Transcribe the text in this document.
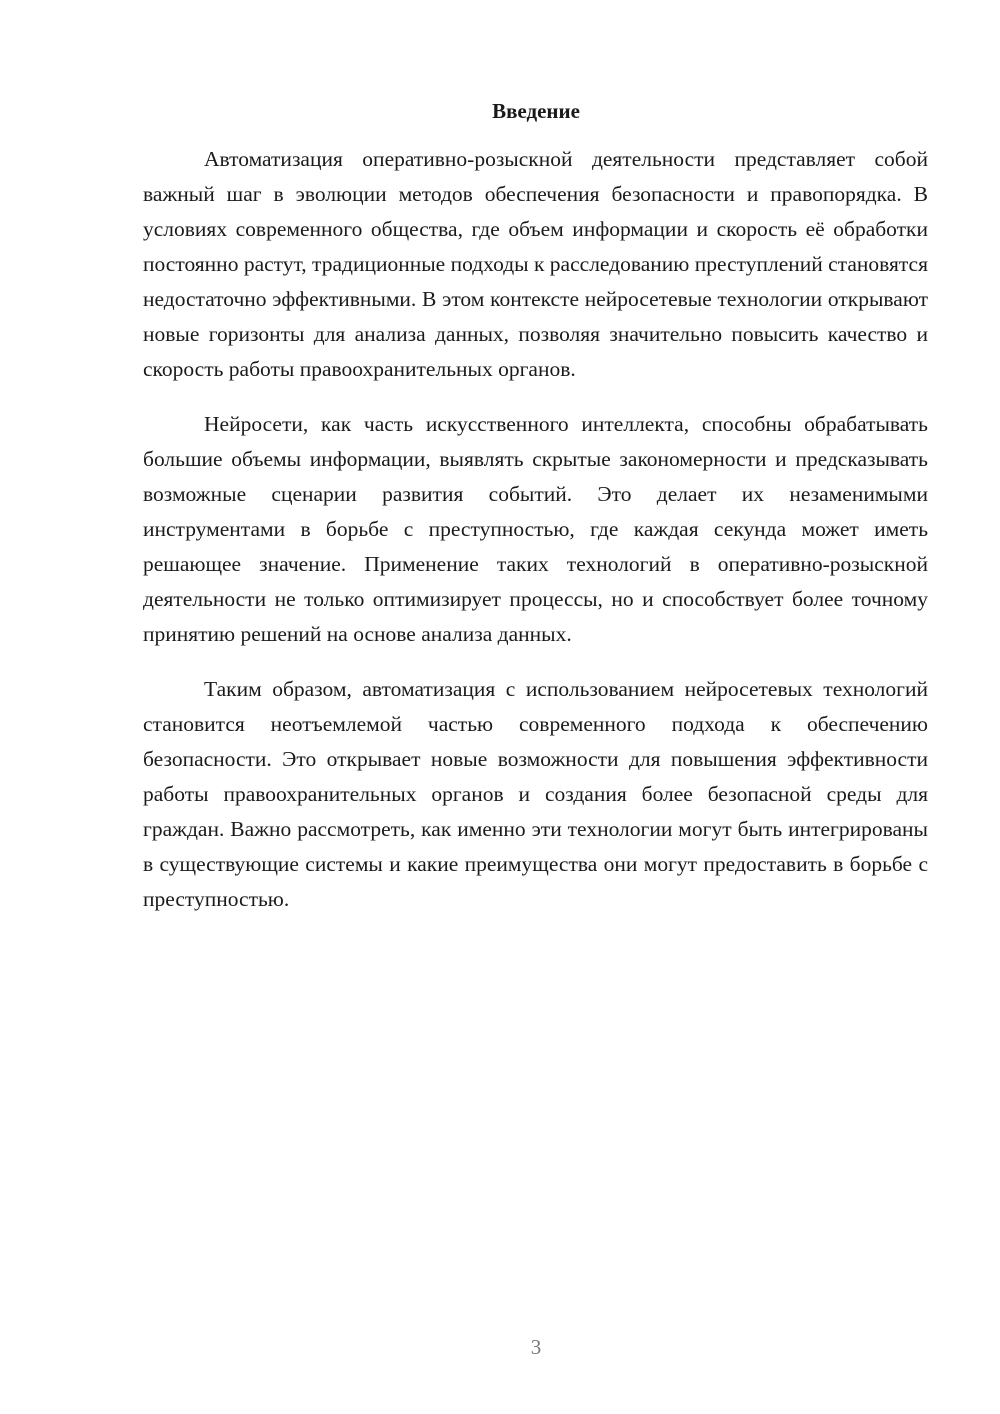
Введение

Автоматизация оперативно-розыскной деятельности представляет собой важный шаг в эволюции методов обеспечения безопасности и правопорядка. В условиях современного общества, где объем информации и скорость её обработки постоянно растут, традиционные подходы к расследованию преступлений становятся недостаточно эффективными. В этом контексте нейросетевые технологии открывают новые горизонты для анализа данных, позволяя значительно повысить качество и скорость работы правоохранительных органов.

Нейросети, как часть искусственного интеллекта, способны обрабатывать большие объемы информации, выявлять скрытые закономерности и предсказывать возможные сценарии развития событий. Это делает их незаменимыми инструментами в борьбе с преступностью, где каждая секунда может иметь решающее значение. Применение таких технологий в оперативно-розыскной деятельности не только оптимизирует процессы, но и способствует более точному принятию решений на основе анализа данных.

Таким образом, автоматизация с использованием нейросетевых технологий становится неотъемлемой частью современного подхода к обеспечению безопасности. Это открывает новые возможности для повышения эффективности работы правоохранительных органов и создания более безопасной среды для граждан. Важно рассмотреть, как именно эти технологии могут быть интегрированы в существующие системы и какие преимущества они могут предоставить в борьбе с преступностью.

3
